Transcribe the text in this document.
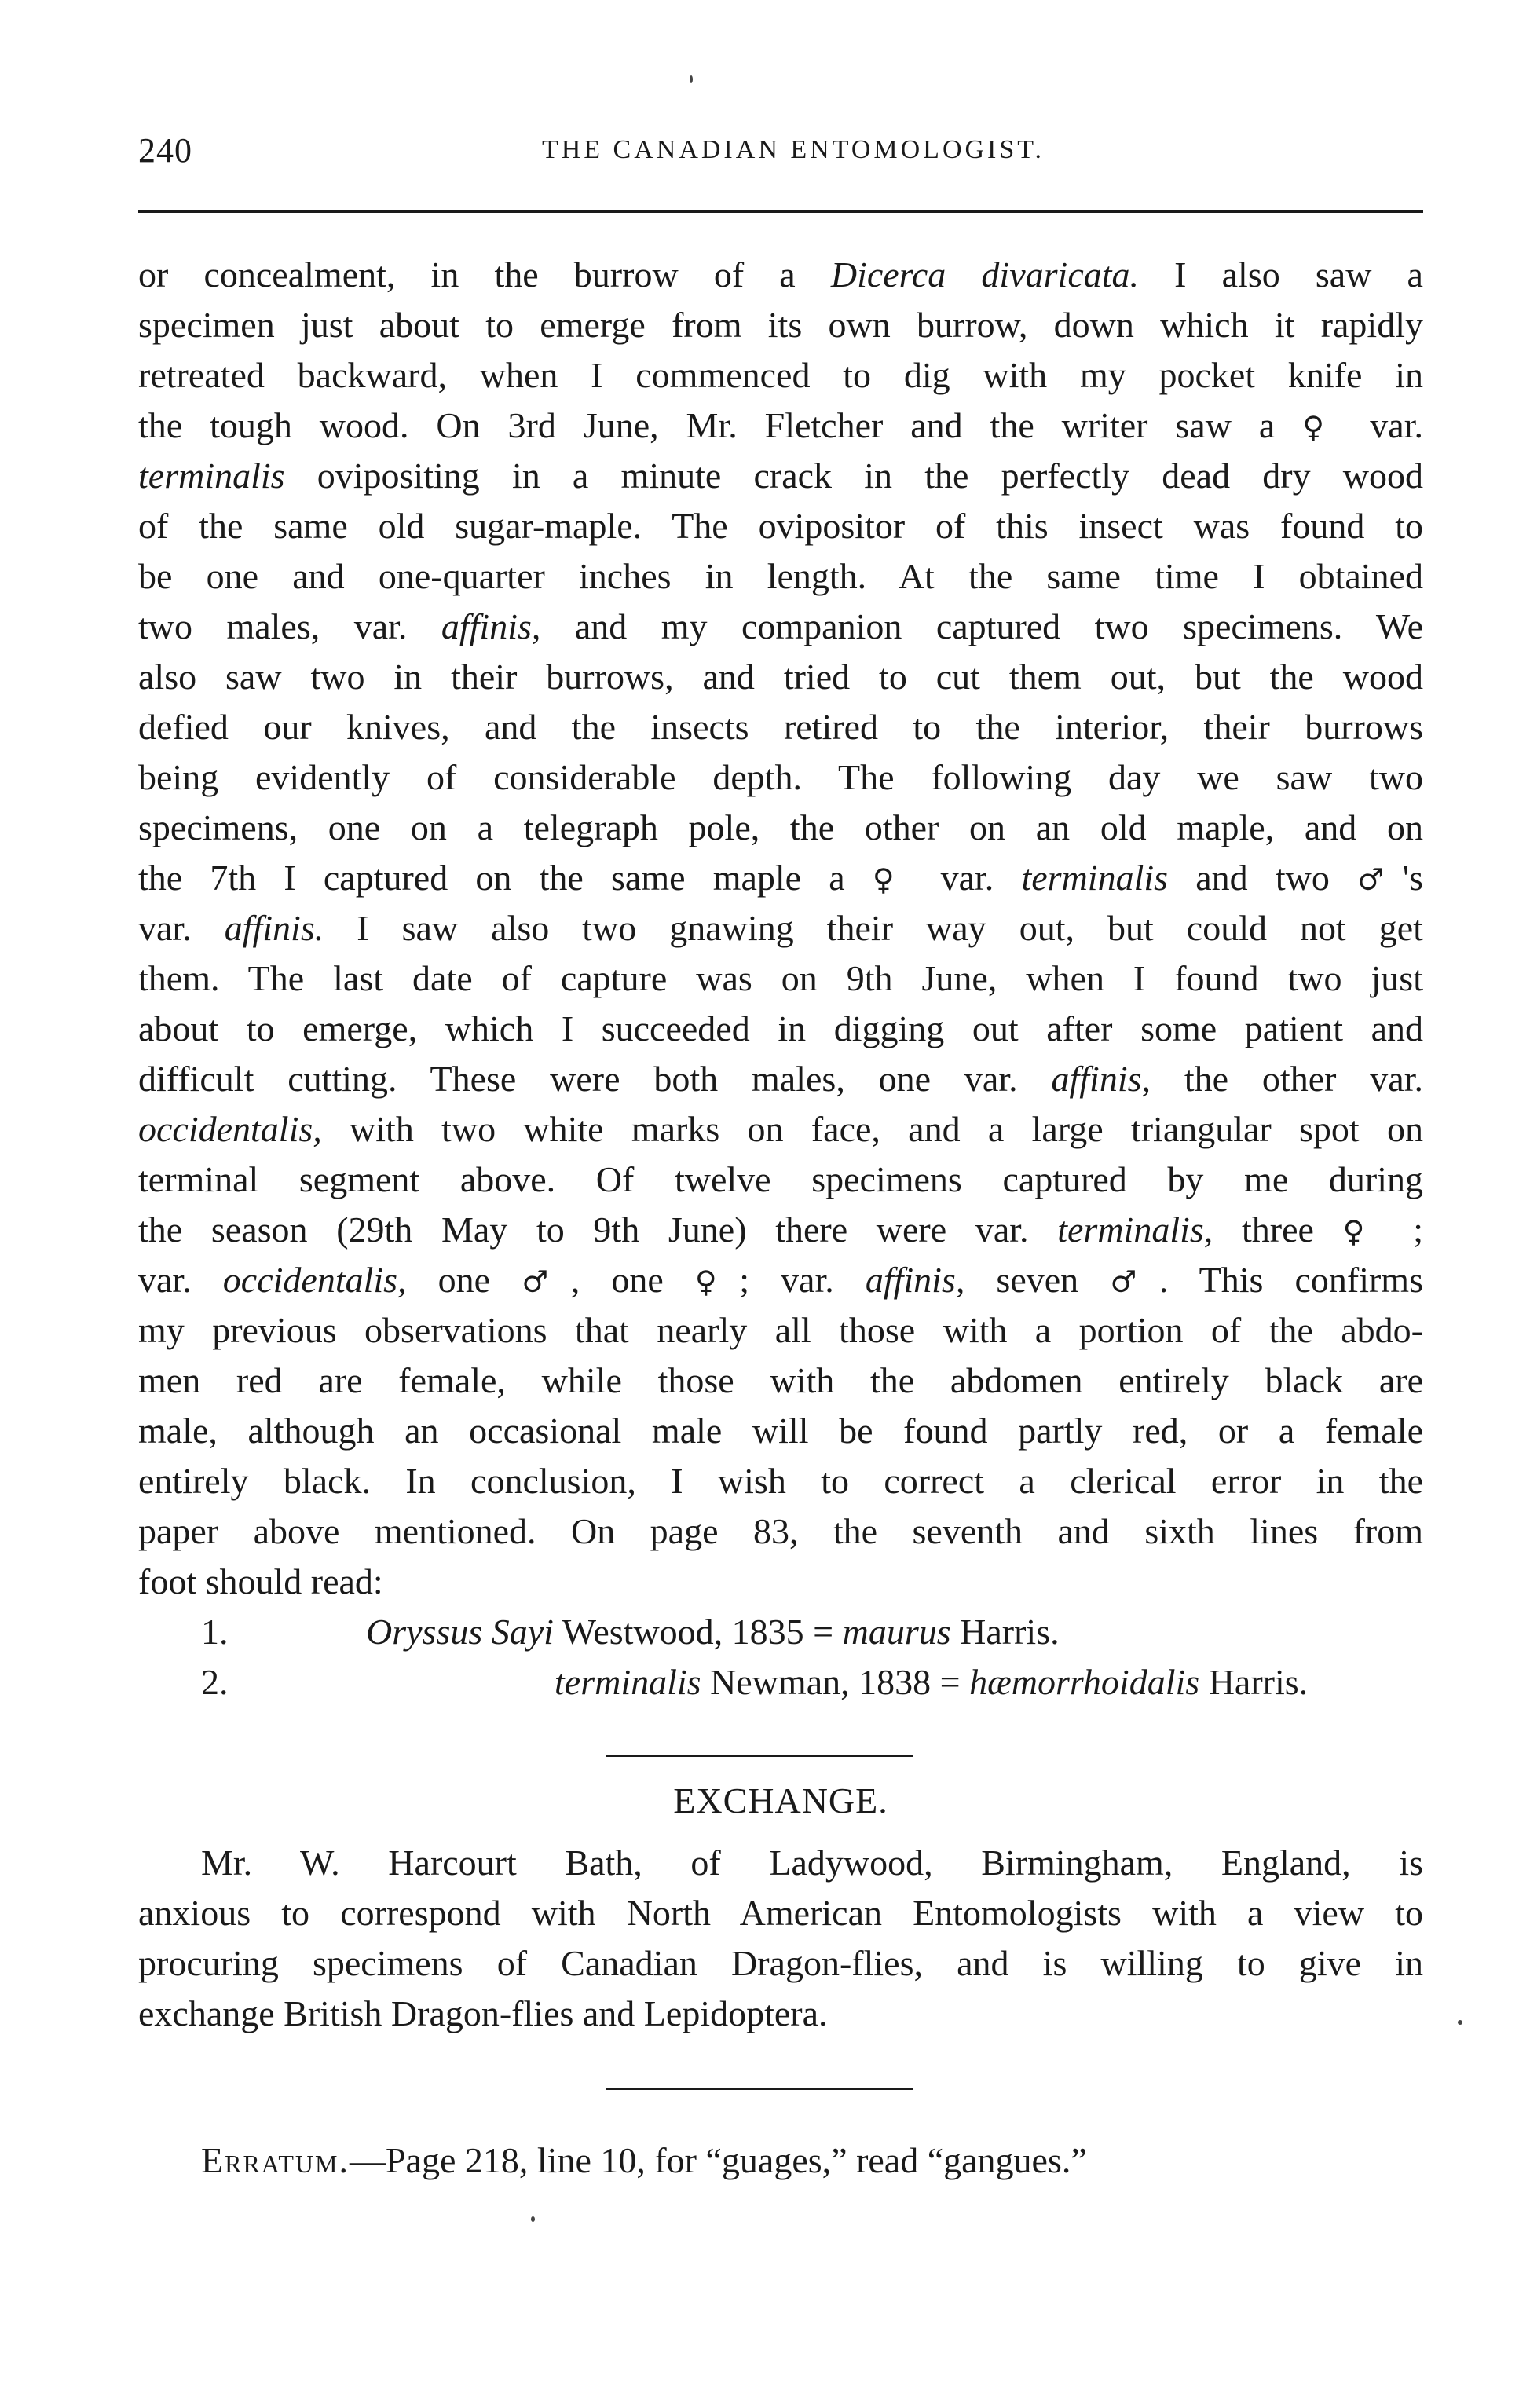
240	THE CANADIAN ENTOMOLOGIST.
or concealment, in the burrow of a Dicerca divaricata. I also saw a
specimen just about to emerge from its own burrow, down which it rapidly
retreated backward, when I commenced to dig with my pocket knife in
the tough wood. On 3rd June, Mr. Fletcher and the writer saw a ♀ var.
terminalis ovipositing in a minute crack in the perfectly dead dry wood
of the same old sugar-maple. The ovipositor of this insect was found to
be one and one-quarter inches in length. At the same time I obtained
two males, var. affinis, and my companion captured two specimens. We
also saw two in their burrows, and tried to cut them out, but the wood
defied our knives, and the insects retired to the interior, their burrows
being evidently of considerable depth. The following day we saw two
specimens, one on a telegraph pole, the other on an old maple, and on
the 7th I captured on the same maple a ♀ var. terminalis and two ♂'s
var. affinis. I saw also two gnawing their way out, but could not get
them. The last date of capture was on 9th June, when I found two just
about to emerge, which I succeeded in digging out after some patient and
difficult cutting. These were both males, one var. affinis, the other var.
occidentalis, with two white marks on face, and a large triangular spot on
terminal segment above. Of twelve specimens captured by me during
the season (29th May to 9th June) there were var. terminalis, three ♀ ;
var. occidentalis, one ♂, one ♀; var. affinis, seven ♂. This confirms
my previous observations that nearly all those with a portion of the abdo-
men red are female, while those with the abdomen entirely black are
male, although an occasional male will be found partly red, or a female
entirely black. In conclusion, I wish to correct a clerical error in the
paper above mentioned. On page 83, the seventh and sixth lines from
foot should read:
1.	Oryssus Sayi Westwood, 1835 = maurus Harris.
2.	terminalis Newman, 1838 = hæmorrhoidalis Harris.
EXCHANGE.
Mr. W. Harcourt Bath, of Ladywood, Birmingham, England, is
anxious to correspond with North American Entomologists with a view to
procuring specimens of Canadian Dragon-flies, and is willing to give in
exchange British Dragon-flies and Lepidoptera.
Erratum.—Page 218, line 10, for “guages,” read “gangues.”
